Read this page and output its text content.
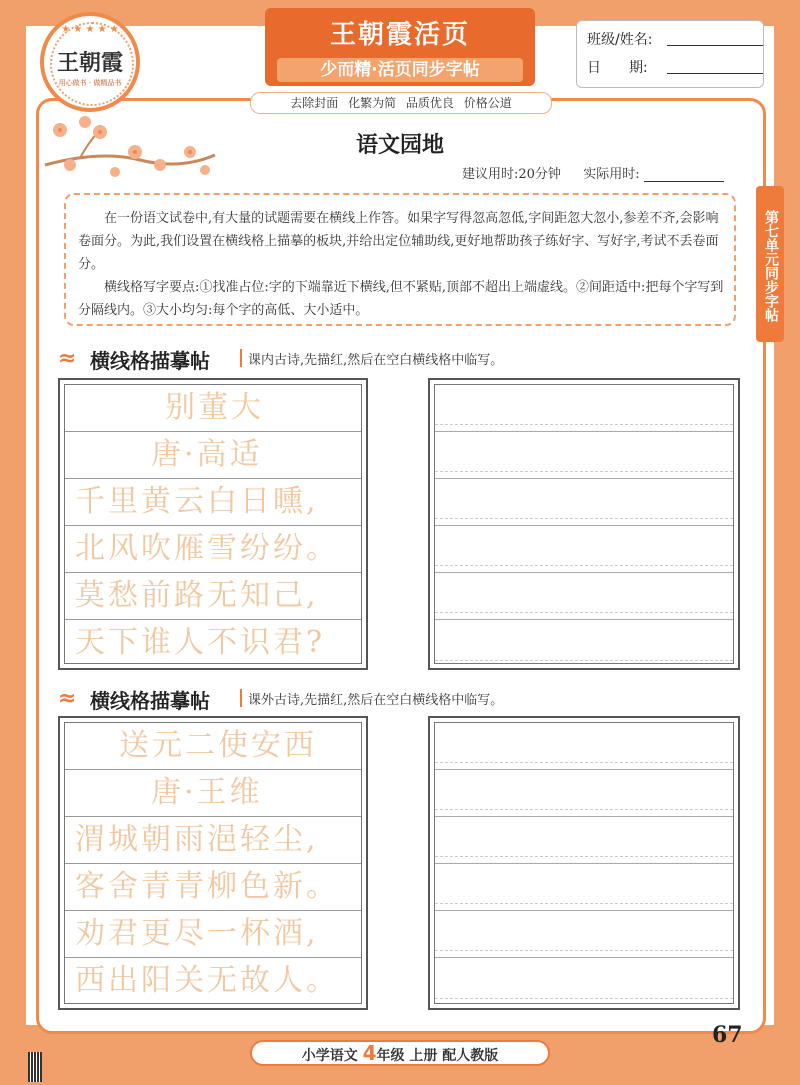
★ ★ ★ ★ ★
王朝霞
用心做书 · 做精品书
王朝霞活页
少而精·活页同步字帖
去除封面 化繁为简 品质优良 价格公道
班级/姓名:
日　　期:
语文园地
建议用时:20分钟 实际用时:

在一份语文试卷中,有大量的试题需要在横线上作答。如果字写得忽高忽低,字间距忽大忽小,参差不齐,会影响卷面分。为此,我们设置在横线格上描摹的板块,并给出定位辅助线,更好地帮助孩子练好字、写好字,考试不丢卷面分。

横线格写字要点:①找准占位:字的下端靠近下横线,但不紧贴,顶部不超出上端虚线。②间距适中:把每个字写到分隔线内。③大小均匀:每个字的高低、大小适中。	第七单元同步字帖
≈ 横线格描摹帖	课内古诗,先描红,然后在空白横线格中临写。
别董大
唐·高适
千里黄云白日曛,
北风吹雁雪纷纷。
莫愁前路无知己,
天下谁人不识君?
≈ 横线格描摹帖	课外古诗,先描红,然后在空白横线格中临写。
送元二使安西
唐·王维
渭城朝雨浥轻尘,
客舍青青柳色新。
劝君更尽一杯酒,
西出阳关无故人。
小学语文 4年级 上册 配人教版
67
